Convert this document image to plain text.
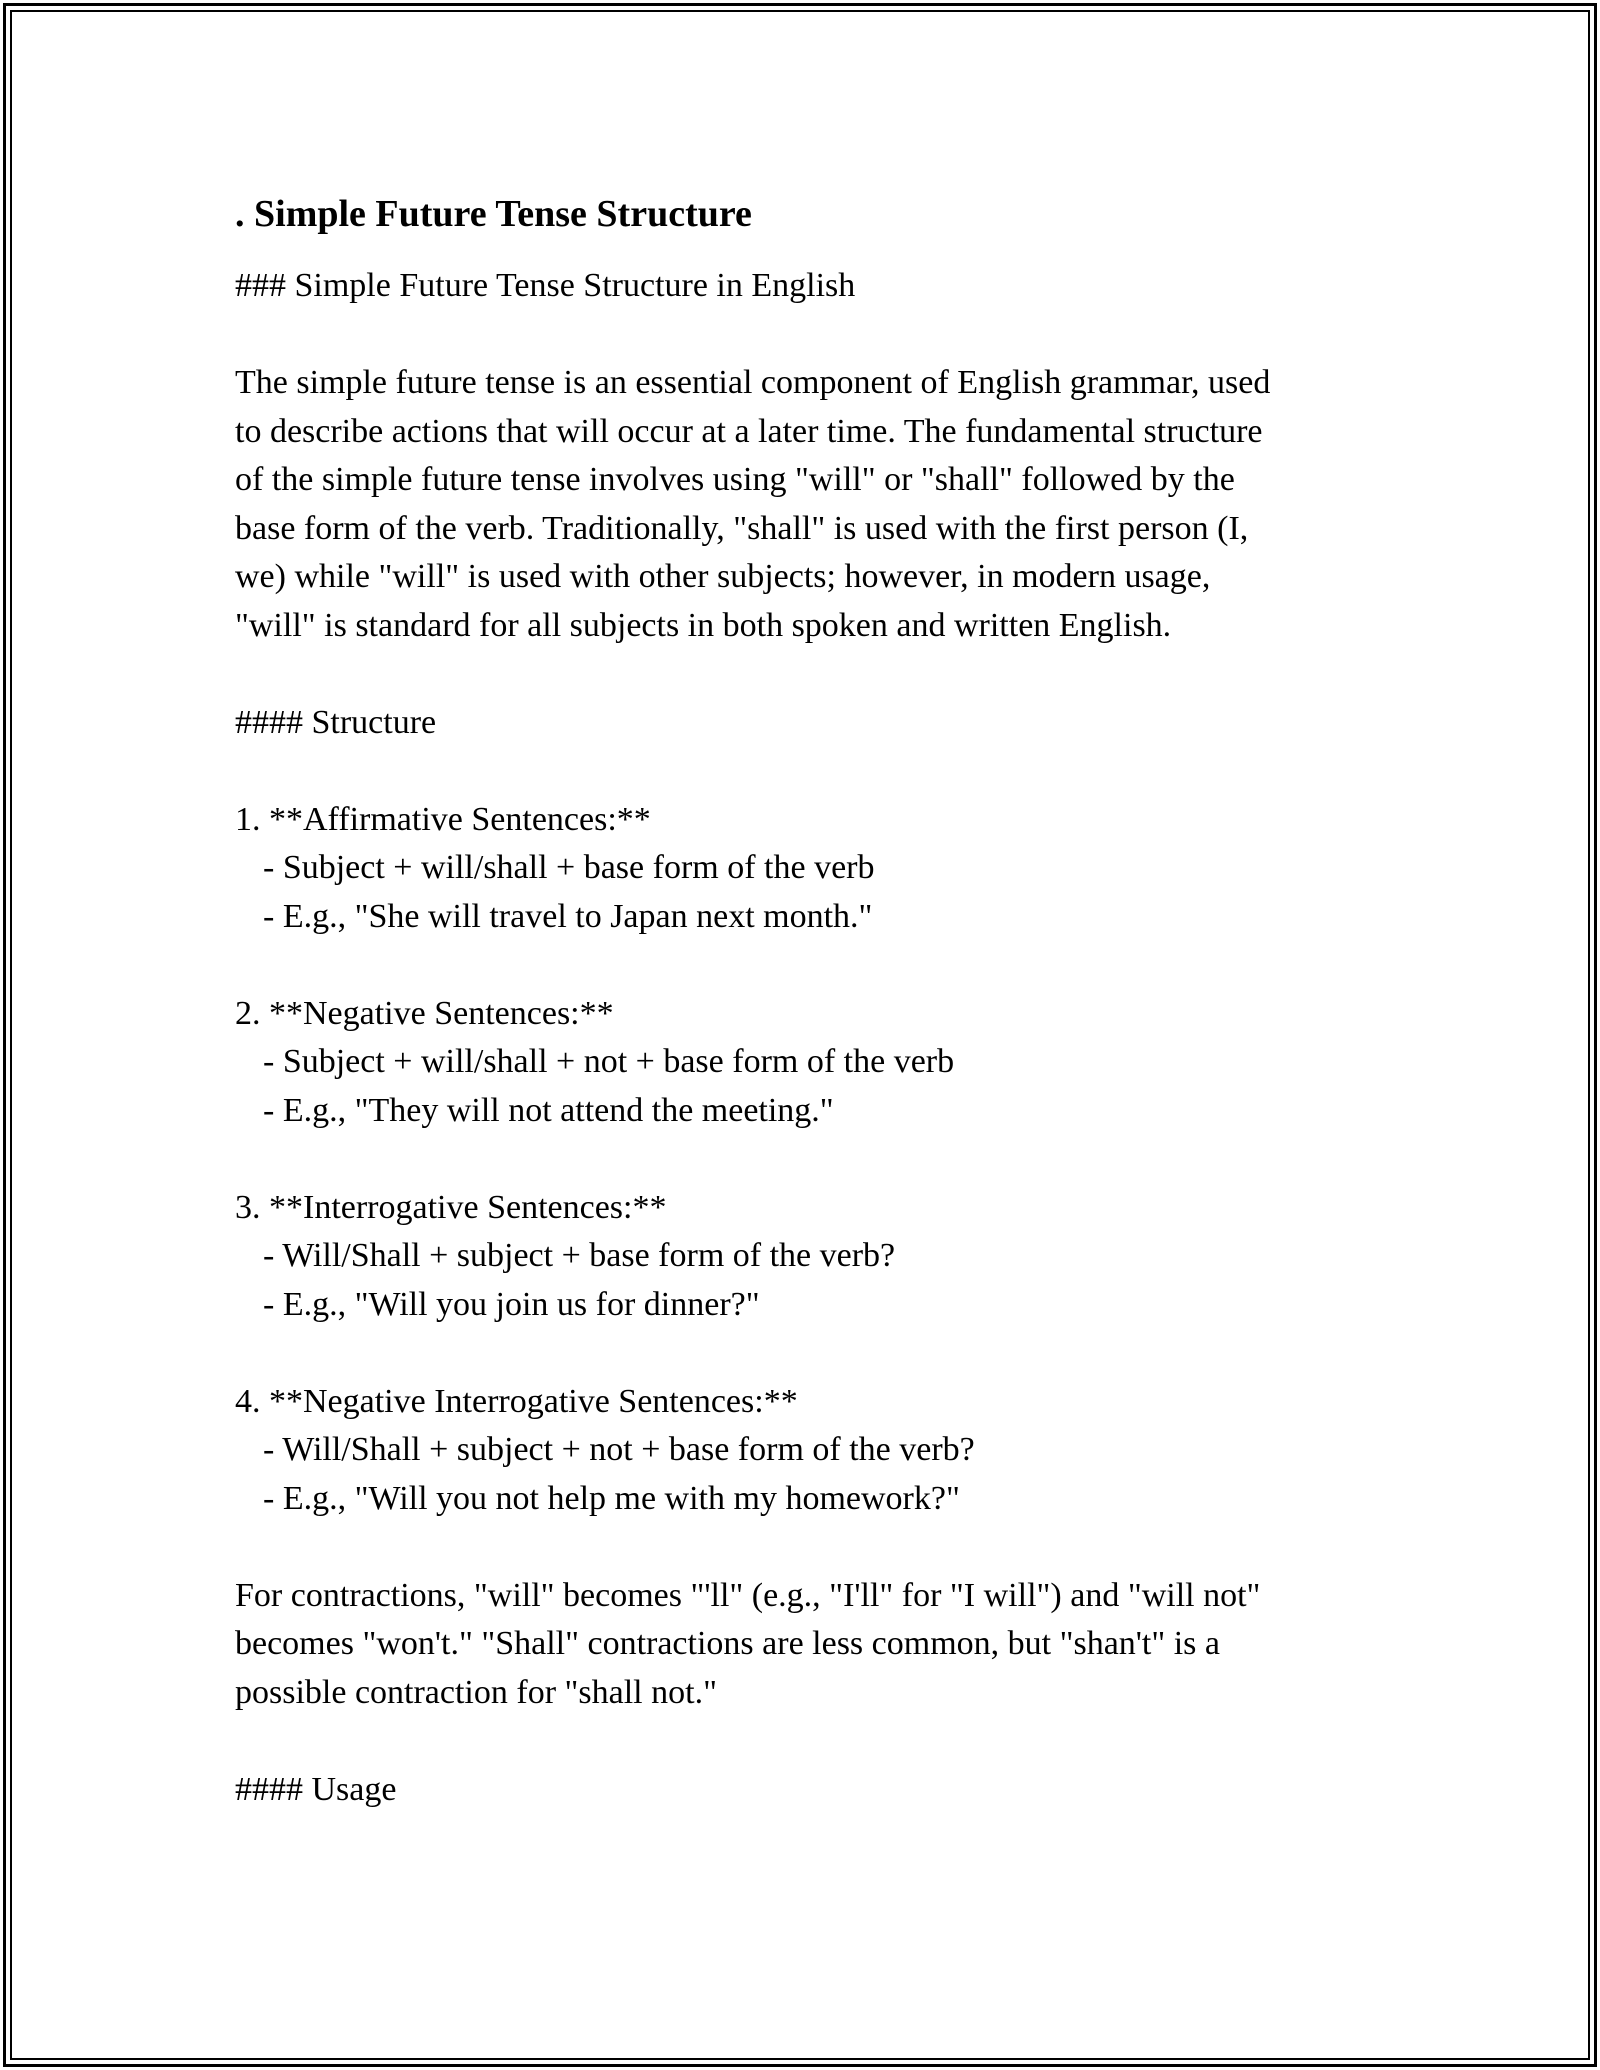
. Simple Future Tense Structure

### Simple Future Tense Structure in English

The simple future tense is an essential component of English grammar, used

to describe actions that will occur at a later time. The fundamental structure

of the simple future tense involves using "will" or "shall" followed by the

base form of the verb. Traditionally, "shall" is used with the first person (I,

we) while "will" is used with other subjects; however, in modern usage,

"will" is standard for all subjects in both spoken and written English.

#### Structure

1. **Affirmative Sentences:**

- Subject + will/shall + base form of the verb

- E.g., "She will travel to Japan next month."

2. **Negative Sentences:**

- Subject + will/shall + not + base form of the verb

- E.g., "They will not attend the meeting."

3. **Interrogative Sentences:**

- Will/Shall + subject + base form of the verb?

- E.g., "Will you join us for dinner?"

4. **Negative Interrogative Sentences:**

- Will/Shall + subject + not + base form of the verb?

- E.g., "Will you not help me with my homework?"

For contractions, "will" becomes "'ll" (e.g., "I'll" for "I will") and "will not"

becomes "won't." "Shall" contractions are less common, but "shan't" is a

possible contraction for "shall not."

#### Usage
